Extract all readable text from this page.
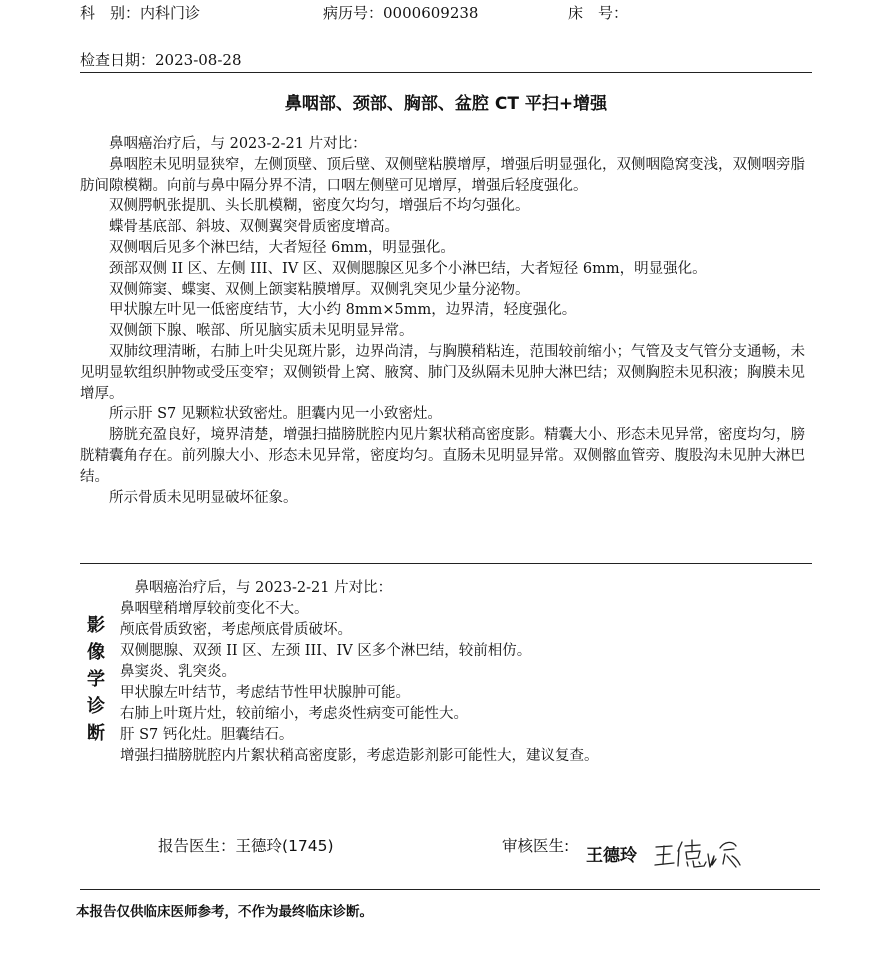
科　别：内科门诊	病历号：0000609238	床　号：
检查日期：2023-08-28
鼻咽部、颈部、胸部、盆腔 CT 平扫+增强

鼻咽癌治疗后，与 2023-2-21 片对比：

鼻咽腔未见明显狭窄，左侧顶壁、顶后壁、双侧壁粘膜增厚，增强后明显强化，双侧咽隐窝变浅，双侧咽旁脂肪间隙模糊。向前与鼻中隔分界不清，口咽左侧壁可见增厚，增强后轻度强化。

双侧腭帆张提肌、头长肌模糊，密度欠均匀，增强后不均匀强化。

蝶骨基底部、斜坡、双侧翼突骨质密度增高。

双侧咽后见多个淋巴结，大者短径 6mm，明显强化。

颈部双侧 II 区、左侧 III、IV 区、双侧腮腺区见多个小淋巴结，大者短径 6mm，明显强化。

双侧筛窦、蝶窦、双侧上颌窦粘膜增厚。双侧乳突见少量分泌物。

甲状腺左叶见一低密度结节，大小约 8mm×5mm，边界清，轻度强化。

双侧颌下腺、喉部、所见脑实质未见明显异常。

双肺纹理清晰，右肺上叶尖见斑片影，边界尚清，与胸膜稍粘连，范围较前缩小；气管及支气管分支通畅，未见明显软组织肿物或受压变窄；双侧锁骨上窝、腋窝、肺门及纵隔未见肿大淋巴结；双侧胸腔未见积液；胸膜未见增厚。

所示肝 S7 见颗粒状致密灶。胆囊内见一小致密灶。

膀胱充盈良好，境界清楚，增强扫描膀胱腔内见片絮状稍高密度影。精囊大小、形态未见异常，密度均匀，膀胱精囊角存在。前列腺大小、形态未见异常，密度均匀。直肠未见明显异常。双侧髂血管旁、腹股沟未见肿大淋巴结。

所示骨质未见明显破坏征象。

影
像
学
诊
断

　鼻咽癌治疗后，与 2023-2-21 片对比：

鼻咽壁稍增厚较前变化不大。

颅底骨质致密，考虑颅底骨质破坏。

双侧腮腺、双颈 II 区、左颈 III、IV 区多个淋巴结，较前相仿。

鼻窦炎、乳突炎。

甲状腺左叶结节，考虑结节性甲状腺肿可能。

右肺上叶斑片灶，较前缩小，考虑炎性病变可能性大。

肝 S7 钙化灶。胆囊结石。

增强扫描膀胱腔内片絮状稍高密度影，考虑造影剂影可能性大，建议复查。

报告医生：王德玲(1745)	审核医生: 王德玲
本报告仅供临床医师参考，不作为最终临床诊断。
